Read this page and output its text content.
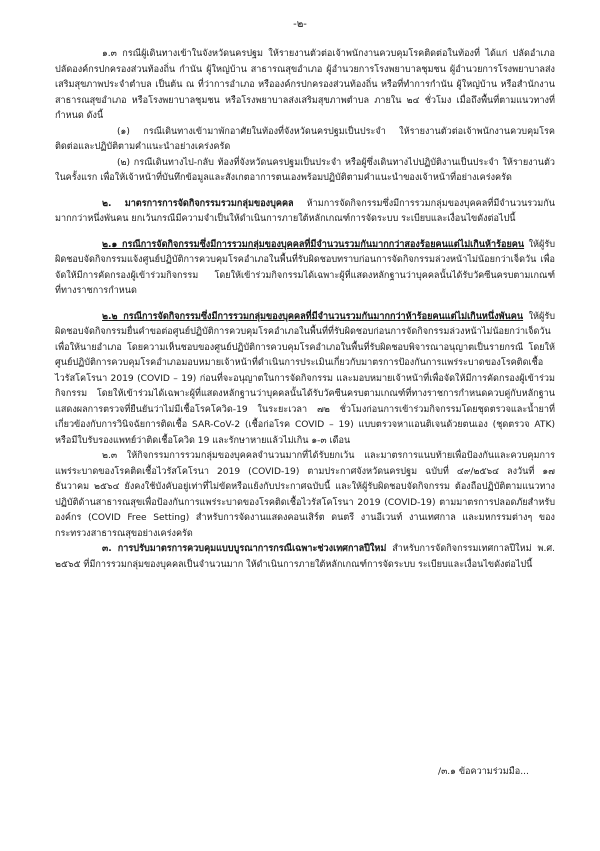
-๒-

๑.๓ กรณีผู้เดินทางเข้าในจังหวัดนครปฐม ให้รายงานตัวต่อเจ้าพนักงานควบคุมโรคติดต่อในท้องที่ ได้แก่ ปลัดอำเภอ ปลัดองค์กรปกครองส่วนท้องถิ่น กำนัน ผู้ใหญ่บ้าน สาธารณสุขอำเภอ ผู้อำนวยการโรงพยาบาลชุมชน ผู้อำนวยการโรงพยาบาลส่งเสริมสุขภาพประจำตำบล เป็นต้น ณ ที่ว่าการอำเภอ หรือองค์กรปกครองส่วนท้องถิ่น หรือที่ทำการกำนัน ผู้ใหญ่บ้าน หรือสำนักงานสาธารณสุขอำเภอ หรือโรงพยาบาลชุมชน หรือโรงพยาบาลส่งเสริมสุขภาพตำบล ภายใน ๒๔ ชั่วโมง เมื่อถึงพื้นที่ตามแนวทางที่กำหนด ดังนี้

(๑) กรณีเดินทางเข้ามาพักอาศัยในท้องที่จังหวัดนครปฐมเป็นประจำ ให้รายงานตัวต่อเจ้าพนักงานควบคุมโรคติดต่อและปฏิบัติตามคำแนะนำอย่างเคร่งครัด

(๒) กรณีเดินทางไป-กลับ ท้องที่จังหวัดนครปฐมเป็นประจำ หรือผู้ซึ่งเดินทางไปปฏิบัติงานเป็นประจำ ให้รายงานตัวในครั้งแรก เพื่อให้เจ้าหน้าที่บันทึกข้อมูลและสังเกตอาการตนเองพร้อมปฏิบัติตามคำแนะนำของเจ้าหน้าที่อย่างเคร่งครัด

๒. มาตรการการจัดกิจกรรมรวมกลุ่มของบุคคล ห้ามการจัดกิจกรรมซึ่งมีการรวมกลุ่มของบุคคลที่มีจำนวนรวมกันมากกว่าหนึ่งพันคน ยกเว้นกรณีมีความจำเป็นให้ดำเนินการภายใต้หลักเกณฑ์การจัดระบบ ระเบียบและเงื่อนไขดังต่อไปนี้

๒.๑ กรณีการจัดกิจกรรมซึ่งมีการรวมกลุ่มของบุคคลที่มีจำนวนรวมกันมากกว่าสองร้อยคนแต่ไม่เกินห้าร้อยคน ให้ผู้รับผิดชอบจัดกิจกรรมแจ้งศูนย์ปฏิบัติการควบคุมโรคอำเภอในพื้นที่รับผิดชอบทราบก่อนการจัดกิจกรรมล่วงหน้าไม่น้อยกว่าเจ็ดวัน เพื่อจัดให้มีการคัดกรองผู้เข้าร่วมกิจกรรม โดยให้เข้าร่วมกิจกรรมได้เฉพาะผู้ที่แสดงหลักฐานว่าบุคคลนั้นได้รับวัคซีนครบตามเกณฑ์ที่ทางราชการกำหนด

๒.๒ กรณีการจัดกิจกรรมซึ่งมีการรวมกลุ่มของบุคคลที่มีจำนวนรวมกันมากกว่าห้าร้อยคนแต่ไม่เกินหนึ่งพันคน ให้ผู้รับผิดชอบจัดกิจกรรมยื่นคำขอต่อศูนย์ปฏิบัติการควบคุมโรคอำเภอในพื้นที่ที่รับผิดชอบก่อนการจัดกิจกรรมล่วงหน้าไม่น้อยกว่าเจ็ดวัน เพื่อให้นายอำเภอ โดยความเห็นชอบของศูนย์ปฏิบัติการควบคุมโรคอำเภอในพื้นที่รับผิดชอบพิจารณาอนุญาตเป็นรายกรณี โดยให้ศูนย์ปฏิบัติการควบคุมโรคอำเภอมอบหมายเจ้าหน้าที่ดำเนินการประเมินเกี่ยวกับมาตรการป้องกันการแพร่ระบาดของโรคติดเชื้อไวรัสโคโรนา 2019 (COVID – 19) ก่อนที่จะอนุญาตในการจัดกิจกรรม และมอบหมายเจ้าหน้าที่เพื่อจัดให้มีการคัดกรองผู้เข้าร่วมกิจกรรม โดยให้เข้าร่วมได้เฉพาะผู้ที่แสดงหลักฐานว่าบุคคลนั้นได้รับวัคซีนครบตามเกณฑ์ที่ทางราชการกำหนดควบคู่กับหลักฐานแสดงผลการตรวจที่ยืนยันว่าไม่มีเชื้อโรคโควิด-19 ในระยะเวลา ๗๒ ชั่วโมงก่อนการเข้าร่วมกิจกรรมโดยชุดตรวจและน้ำยาที่เกี่ยวข้องกับการวินิจฉัยการติดเชื้อ SAR-CoV-2 (เชื้อก่อโรค COVID – 19) แบบตรวจหาแอนติเจนด้วยตนเอง (ชุดตรวจ ATK) หรือมีใบรับรองแพทย์ว่าติดเชื้อโควิด 19 และรักษาหายแล้วไม่เกิน ๑-๓ เดือน

๒.๓ ให้กิจกรรมการรวมกลุ่มของบุคคลจำนวนมากที่ได้รับยกเว้น และมาตรการแนบท้ายเพื่อป้องกันและควบคุมการแพร่ระบาดของโรคติดเชื้อไวรัสโคโรนา 2019 (COVID-19) ตามประกาศจังหวัดนครปฐม ฉบับที่ ๔๙/๒๕๖๔ ลงวันที่ ๑๗ ธันวาคม ๒๕๖๔ ยังคงใช้บังคับอยู่เท่าที่ไม่ขัดหรือแย้งกับประกาศฉบับนี้ และให้ผู้รับผิดชอบจัดกิจกรรม ต้องถือปฏิบัติตามแนวทางปฏิบัติด้านสาธารณสุขเพื่อป้องกันการแพร่ระบาดของโรคติดเชื้อไวรัสโคโรนา 2019 (COVID-19) ตามมาตรการปลอดภัยสำหรับองค์กร (COVID Free Setting) สำหรับการจัดงานแสดงคอนเสิร์ต ดนตรี งานอีเวนท์ งานเทศกาล และมหกรรมต่างๆ ของกระทรวงสาธารณสุขอย่างเคร่งครัด

๓. การปรับมาตรการควบคุมแบบบูรณาการกรณีเฉพาะช่วงเทศกาลปีใหม่ สำหรับการจัดกิจกรรมเทศกาลปีใหม่ พ.ศ. ๒๕๖๕ ที่มีการรวมกลุ่มของบุคคลเป็นจำนวนมาก ให้ดำเนินการภายใต้หลักเกณฑ์การจัดระบบ ระเบียบและเงื่อนไขดังต่อไปนี้

/๓.๑ ข้อความร่วมมือ...
